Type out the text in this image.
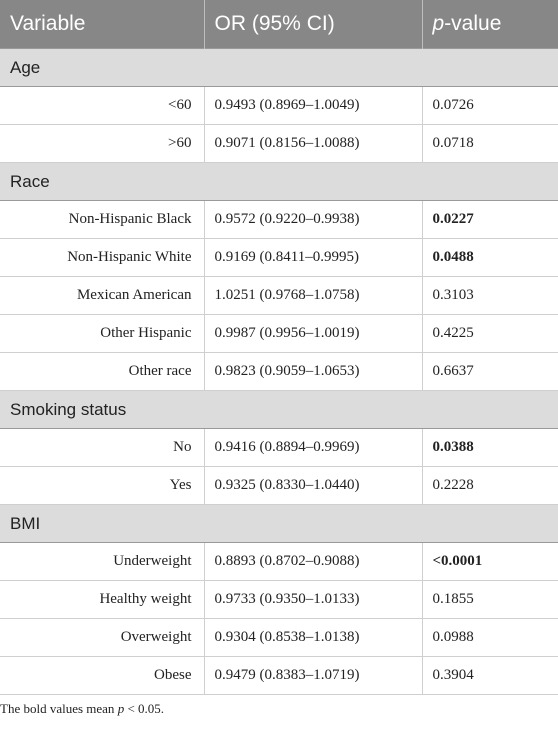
Variable	OR (95% CI)	p-value
Age		
<60	0.9493 (0.8969–1.0049)	0.0726
>60	0.9071 (0.8156–1.0088)	0.0718
Race		
Non-Hispanic Black	0.9572 (0.9220–0.9938)	0.0227
Non-Hispanic White	0.9169 (0.8411–0.9995)	0.0488
Mexican American	1.0251 (0.9768–1.0758)	0.3103
Other Hispanic	0.9987 (0.9956–1.0019)	0.4225
Other race	0.9823 (0.9059–1.0653)	0.6637
Smoking status		
No	0.9416 (0.8894–0.9969)	0.0388
Yes	0.9325 (0.8330–1.0440)	0.2228
BMI		
Underweight	0.8893 (0.8702–0.9088)	<0.0001
Healthy weight	0.9733 (0.9350–1.0133)	0.1855
Overweight	0.9304 (0.8538–1.0138)	0.0988
Obese	0.9479 (0.8383–1.0719)	0.3904
The bold values mean p < 0.05.
